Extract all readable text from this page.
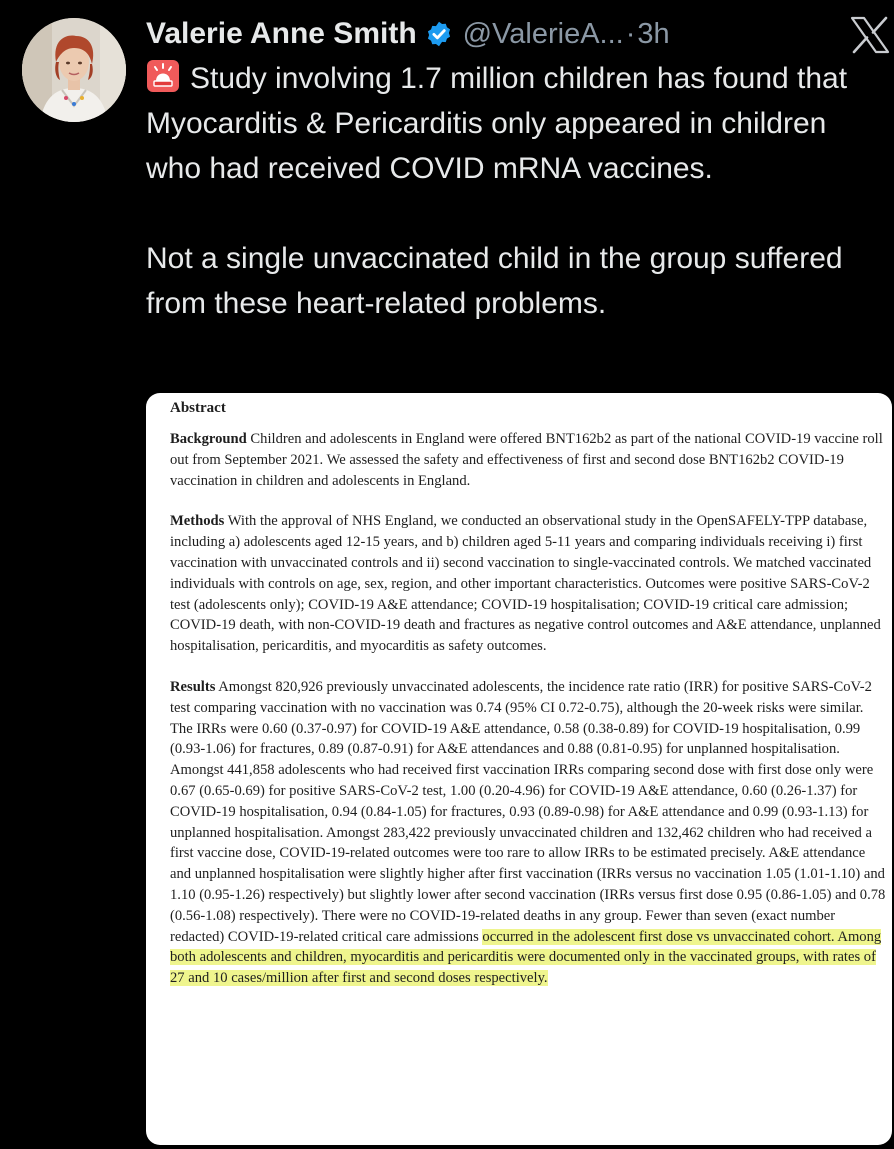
Valerie Anne Smith @ValerieA... · 3h

Study involving 1.7 million children has found that Myocarditis & Pericarditis only appeared in children who had received COVID mRNA vaccines.

Not a single unvaccinated child in the group suffered from these heart-related problems.

Abstract

Background Children and adolescents in England were offered BNT162b2 as part of the national COVID-19 vaccine roll out from September 2021. We assessed the safety and effectiveness of first and second dose BNT162b2 COVID-19 vaccination in children and adolescents in England.

Methods With the approval of NHS England, we conducted an observational study in the OpenSAFELY-TPP database, including a) adolescents aged 12-15 years, and b) children aged 5-11 years and comparing individuals receiving i) first vaccination with unvaccinated controls and ii) second vaccination to single-vaccinated controls. We matched vaccinated individuals with controls on age, sex, region, and other important characteristics. Outcomes were positive SARS-CoV-2 test (adolescents only); COVID-19 A&E attendance; COVID-19 hospitalisation; COVID-19 critical care admission; COVID-19 death, with non-COVID-19 death and fractures as negative control outcomes and A&E attendance, unplanned hospitalisation, pericarditis, and myocarditis as safety outcomes.

Results Amongst 820,926 previously unvaccinated adolescents, the incidence rate ratio (IRR) for positive SARS-CoV-2 test comparing vaccination with no vaccination was 0.74 (95% CI 0.72-0.75), although the 20-week risks were similar. The IRRs were 0.60 (0.37-0.97) for COVID-19 A&E attendance, 0.58 (0.38-0.89) for COVID-19 hospitalisation, 0.99 (0.93-1.06) for fractures, 0.89 (0.87-0.91) for A&E attendances and 0.88 (0.81-0.95) for unplanned hospitalisation. Amongst 441,858 adolescents who had received first vaccination IRRs comparing second dose with first dose only were 0.67 (0.65-0.69) for positive SARS-CoV-2 test, 1.00 (0.20-4.96) for COVID-19 A&E attendance, 0.60 (0.26-1.37) for COVID-19 hospitalisation, 0.94 (0.84-1.05) for fractures, 0.93 (0.89-0.98) for A&E attendance and 0.99 (0.93-1.13) for unplanned hospitalisation. Amongst 283,422 previously unvaccinated children and 132,462 children who had received a first vaccine dose, COVID-19-related outcomes were too rare to allow IRRs to be estimated precisely. A&E attendance and unplanned hospitalisation were slightly higher after first vaccination (IRRs versus no vaccination 1.05 (1.01-1.10) and 1.10 (0.95-1.26) respectively) but slightly lower after second vaccination (IRRs versus first dose 0.95 (0.86-1.05) and 0.78 (0.56-1.08) respectively). There were no COVID-19-related deaths in any group. Fewer than seven (exact number redacted) COVID-19-related critical care admissions occurred in the adolescent first dose vs unvaccinated cohort. Among both adolescents and children, myocarditis and pericarditis were documented only in the vaccinated groups, with rates of 27 and 10 cases/million after first and second doses respectively.
